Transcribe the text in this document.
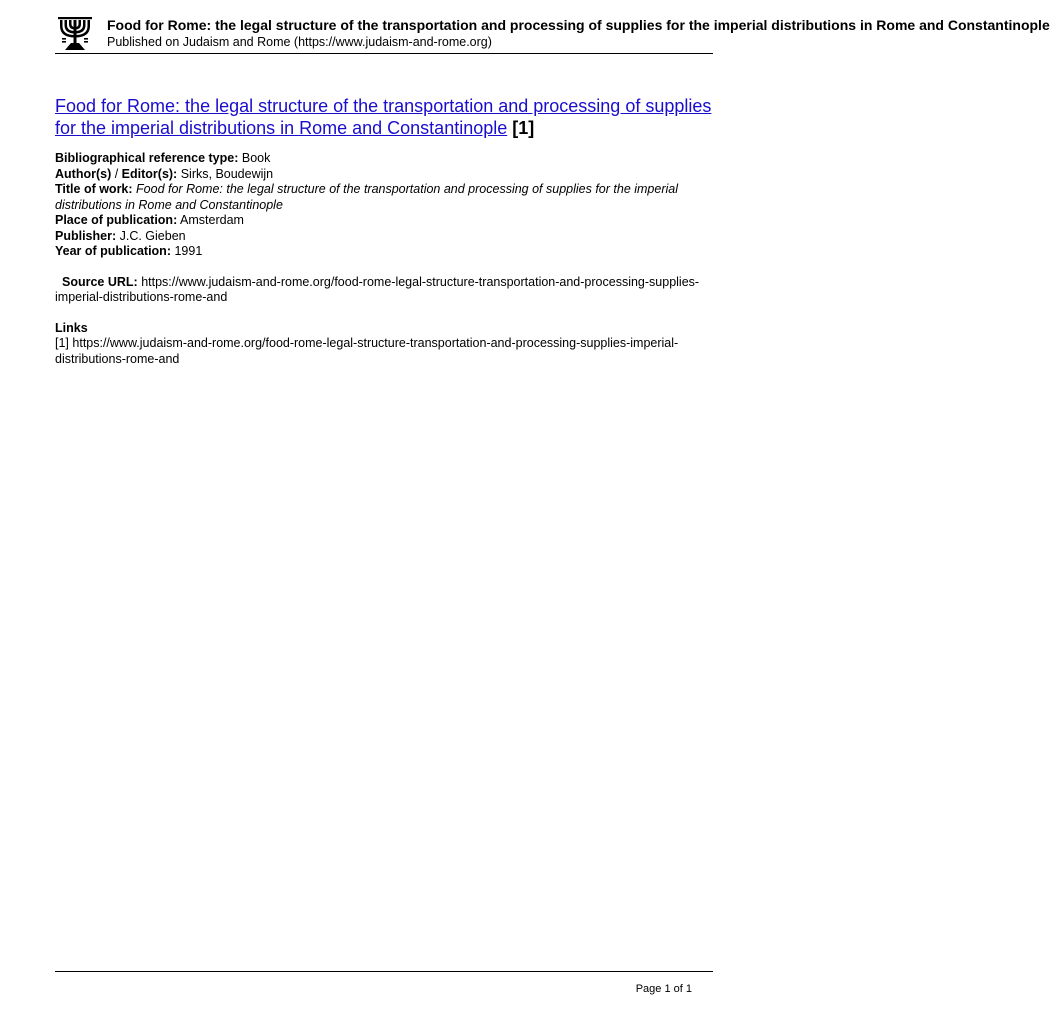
Food for Rome: the legal structure of the transportation and processing of supplies for the imperial distributions in Rome and Constantinople
Published on Judaism and Rome (https://www.judaism-and-rome.org)
Food for Rome: the legal structure of the transportation and processing of supplies for the imperial distributions in Rome and Constantinople [1]
Bibliographical reference type: Book
Author(s) / Editor(s): Sirks, Boudewijn
Title of work: Food for Rome: the legal structure of the transportation and processing of supplies for the imperial distributions in Rome and Constantinople
Place of publication: Amsterdam
Publisher: J.C. Gieben
Year of publication: 1991
Source URL: https://www.judaism-and-rome.org/food-rome-legal-structure-transportation-and-processing-supplies-imperial-distributions-rome-and
Links
[1] https://www.judaism-and-rome.org/food-rome-legal-structure-transportation-and-processing-supplies-imperial-distributions-rome-and
Page 1 of 1
